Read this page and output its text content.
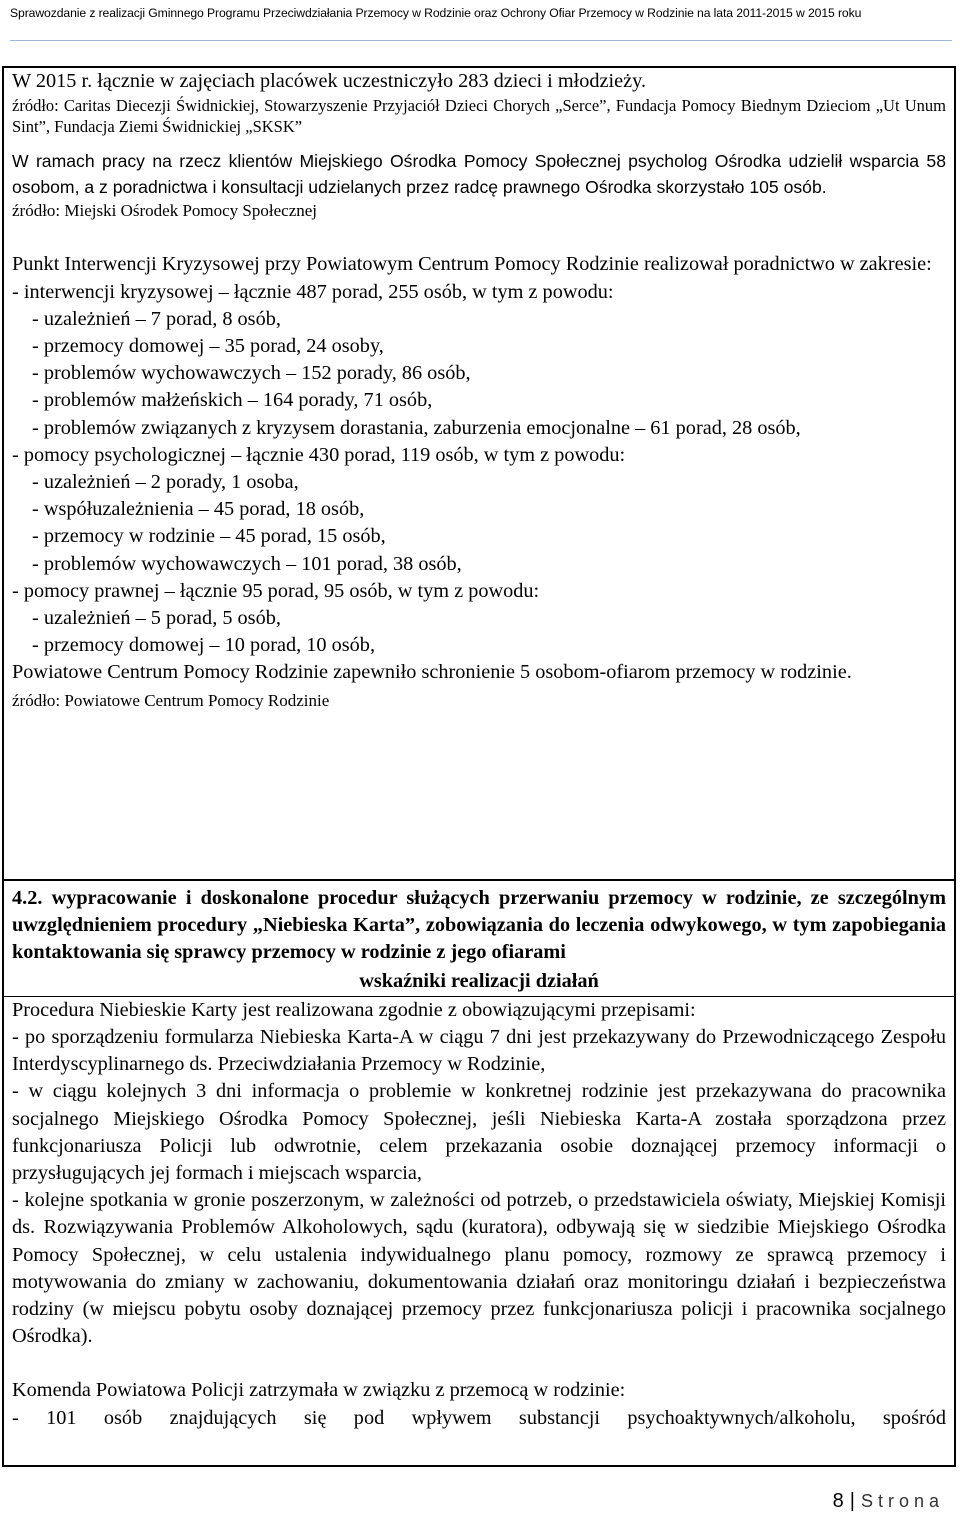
Sprawozdanie z realizacji Gminnego Programu Przeciwdziałania Przemocy w Rodzinie oraz Ochrony Ofiar Przemocy w Rodzinie na lata 2011-2015 w 2015 roku

W 2015 r. łącznie w zajęciach placówek uczestniczyło 283 dzieci i młodzieży.

źródło: Caritas Diecezji Świdnickiej, Stowarzyszenie Przyjaciół Dzieci Chorych „Serce”, Fundacja Pomocy Biednym Dzieciom „Ut Unum Sint”, Fundacja Ziemi Świdnickiej „SKSK”

W ramach pracy na rzecz klientów Miejskiego Ośrodka Pomocy Społecznej psycholog Ośrodka udzielił wsparcia 58 osobom, a z poradnictwa i konsultacji udzielanych przez radcę prawnego Ośrodka skorzystało 105 osób.

źródło: Miejski Ośrodek Pomocy Społecznej

Punkt Interwencji Kryzysowej przy Powiatowym Centrum Pomocy Rodzinie realizował poradnictwo w zakresie:

- interwencji kryzysowej – łącznie 487 porad, 255 osób, w tym z powodu:

- uzależnień – 7 porad, 8 osób,

- przemocy domowej – 35 porad, 24 osoby,

- problemów wychowawczych – 152 porady, 86 osób,

- problemów małżeńskich – 164 porady, 71 osób,

- problemów związanych z kryzysem dorastania, zaburzenia emocjonalne – 61 porad, 28 osób,

- pomocy psychologicznej – łącznie 430 porad, 119 osób, w tym z powodu:

- uzależnień – 2 porady, 1 osoba,

- współuzależnienia – 45 porad, 18 osób,

- przemocy w rodzinie – 45 porad, 15 osób,

- problemów wychowawczych – 101 porad, 38 osób,

- pomocy prawnej – łącznie 95 porad, 95 osób, w tym z powodu:

- uzależnień – 5 porad, 5 osób,

- przemocy domowej – 10 porad, 10 osób,

Powiatowe Centrum Pomocy Rodzinie zapewniło schronienie 5 osobom-ofiarom przemocy w rodzinie.

źródło: Powiatowe Centrum Pomocy Rodzinie

4.2. wypracowanie i doskonalone procedur służących przerwaniu przemocy w rodzinie, ze szczególnym uwzględnieniem procedury „Niebieska Karta”, zobowiązania do leczenia odwykowego, w tym zapobiegania kontaktowania się sprawcy przemocy w rodzinie z jego ofiarami

wskaźniki realizacji działań

Procedura Niebieskie Karty jest realizowana zgodnie z obowiązującymi przepisami:

- po sporządzeniu formularza Niebieska Karta-A w ciągu 7 dni jest przekazywany do Przewodniczącego Zespołu Interdyscyplinarnego ds. Przeciwdziałania Przemocy w Rodzinie,

- w ciągu kolejnych 3 dni informacja o problemie w konkretnej rodzinie jest przekazywana do pracownika socjalnego Miejskiego Ośrodka Pomocy Społecznej, jeśli Niebieska Karta-A została sporządzona przez funkcjonariusza Policji lub odwrotnie, celem przekazania osobie doznającej przemocy informacji o przysługujących jej formach i miejscach wsparcia,

- kolejne spotkania w gronie poszerzonym, w zależności od potrzeb, o przedstawiciela oświaty, Miejskiej Komisji ds. Rozwiązywania Problemów Alkoholowych, sądu (kuratora), odbywają się w siedzibie Miejskiego Ośrodka Pomocy Społecznej, w celu ustalenia indywidualnego planu pomocy, rozmowy ze sprawcą przemocy i motywowania do zmiany w zachowaniu, dokumentowania działań oraz monitoringu działań i bezpieczeństwa rodziny (w miejscu pobytu osoby doznającej przemocy przez funkcjonariusza policji i pracownika socjalnego Ośrodka).

Komenda Powiatowa Policji zatrzymała w związku z przemocą w rodzinie:

- 101 osób znajdujących się pod wpływem substancji psychoaktywnych/alkoholu, spośród

8 | Strona
